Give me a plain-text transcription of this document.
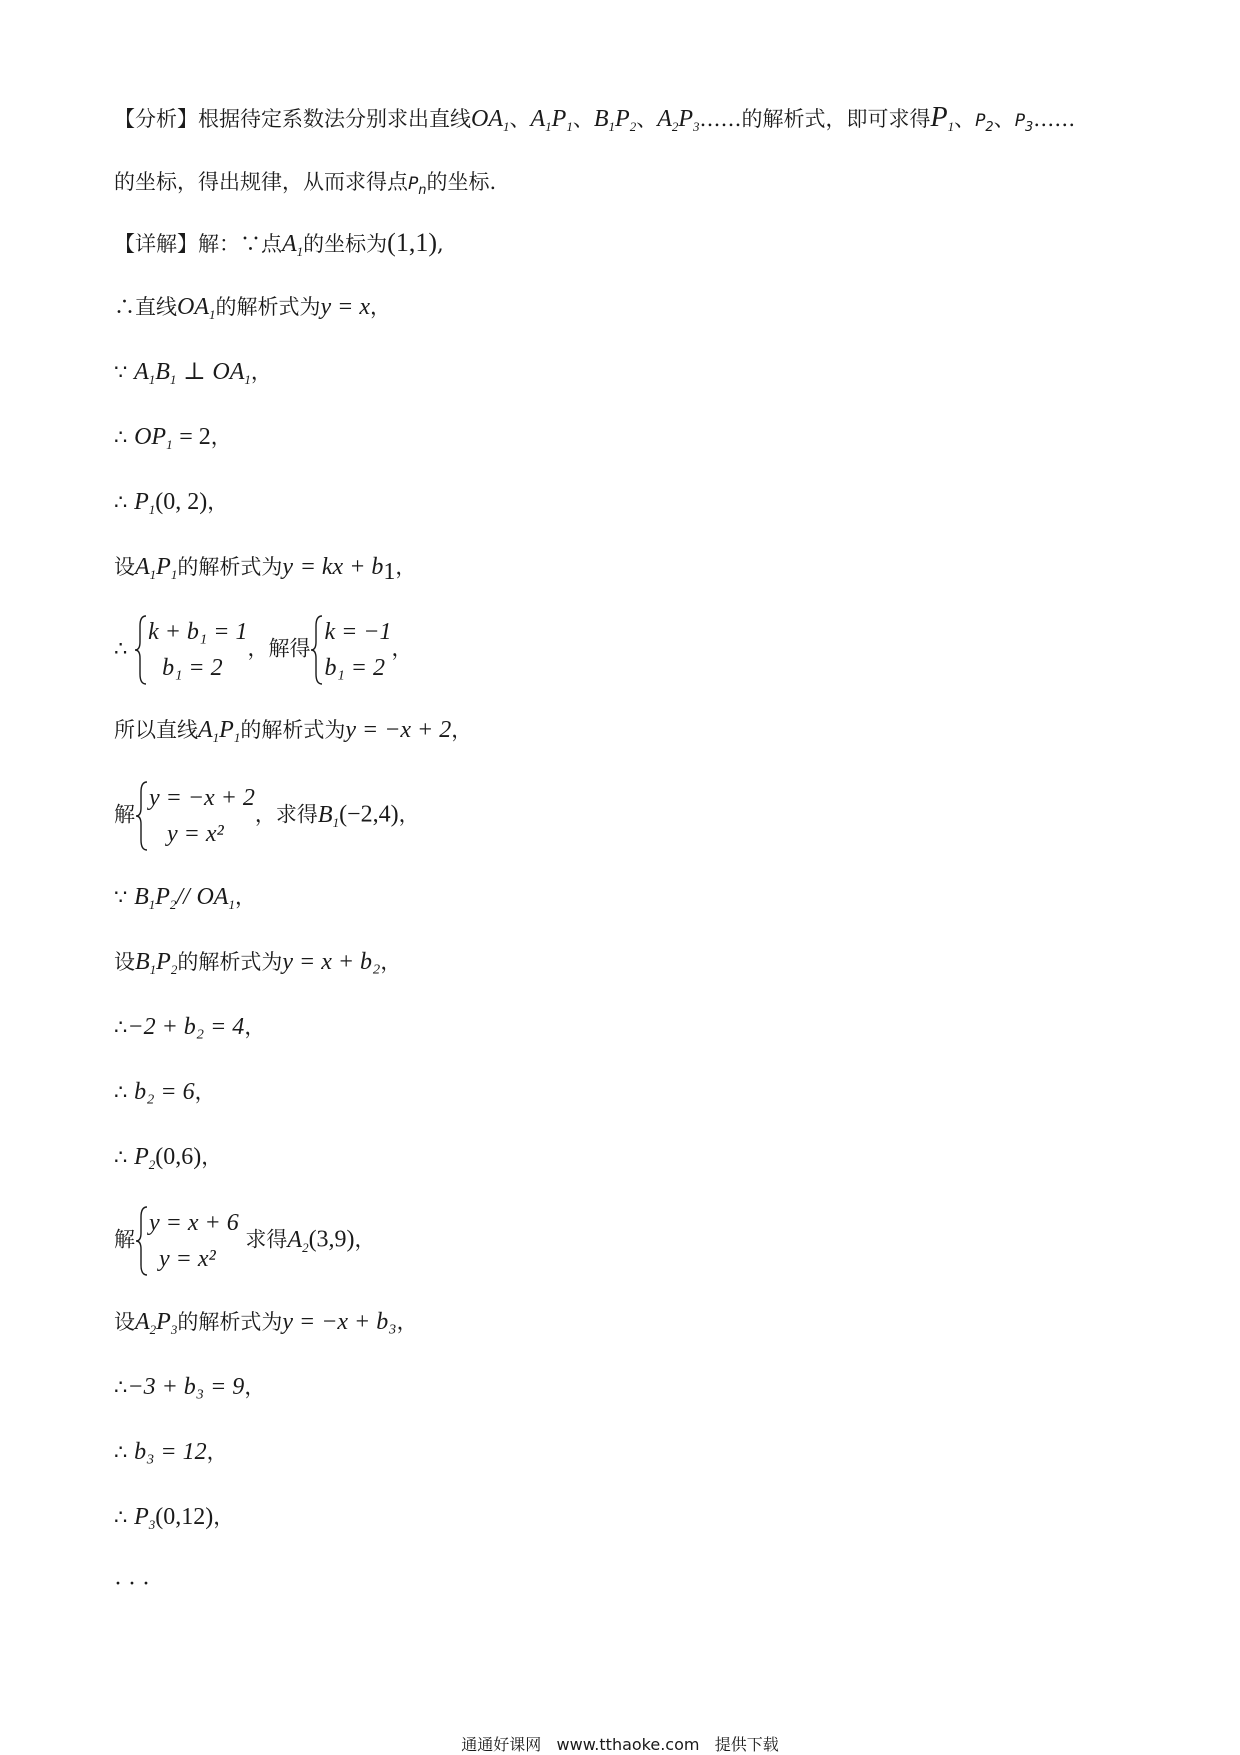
【分析】根据待定系数法分别求出直线$OA_1$、$A_1P_1$、$B_1P_2$、$A_2P_3\dots\dots$的解析式，即可求得$P_1$、$P_2$、$P_3\dots\dots$
的坐标，得出规律，从而求得点$P_n$的坐标.
【详解】解：∵点$A_1$的坐标为(1,1),
∴直线$OA_1$的解析式为y = x，
∵ $A_1B_1$ ⊥ $OA_1$，
∴ $OP_1 = 2$，
∴ $P_1(0$, 2)，
设$A_1P_1$的解析式为y = kx + $b_1$，
∴
k + b₁ = 1
b₁ = 2
，解得
k = −1
b₁ = 2
，
所以直线$A_1P_1$的解析式为y = −x + 2，
解
y = −x + 2
y = x²
，求得$B_1(-2,4)$，
∵ $B_1P_2//$ $OA_1$，
设$B_1P_2$的解析式为y = x + b₂，
∴−2 + b₂ = 4，
∴ b₂ = 6，
∴ $P_2(0,6)$，
解
y = x + 6
y = x²
求得$A_2(3,9)$，
设$A_2P_3$的解析式为y = −x + b₃，
∴−3 + b₃ = 9，
∴ b₃ = 12，
∴ $P_3(0,12)$，
· · ·
通通好课网 www.tthaoke.com 提供下载
